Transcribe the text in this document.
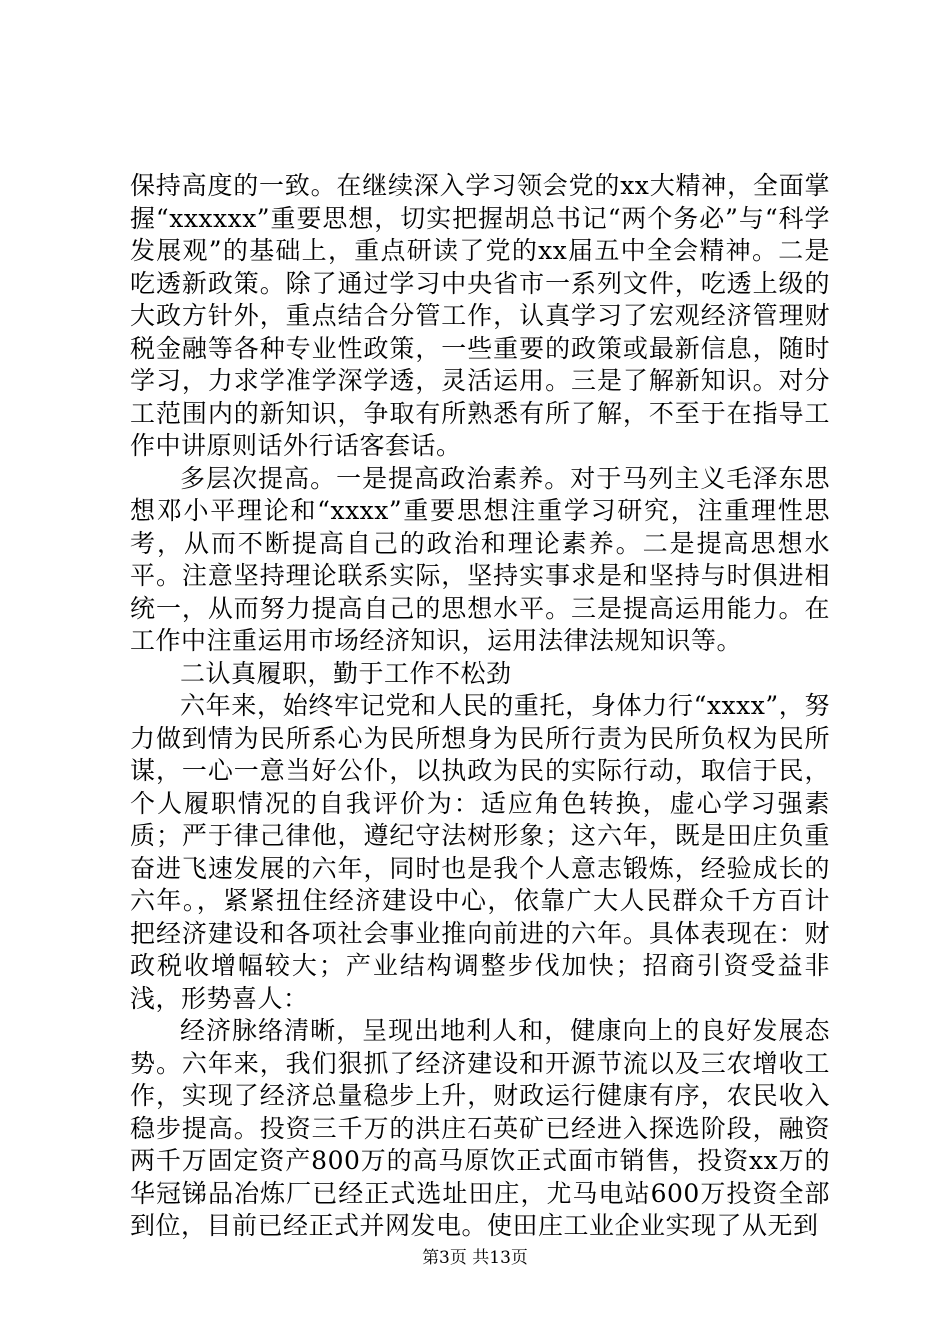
保持高度的一致。在继续深入学习领会党的xx大精神，全面掌握“xxxxxx”重要思想，切实把握胡总书记“两个务必”与“科学发展观”的基础上，重点研读了党的xx届五中全会精神。二是吃透新政策。除了通过学习中央省市一系列文件，吃透上级的大政方针外，重点结合分管工作，认真学习了宏观经济管理财税金融等各种专业性政策，一些重要的政策或最新信息，随时学习，力求学准学深学透，灵活运用。三是了解新知识。对分工范围内的新知识，争取有所熟悉有所了解，不至于在指导工作中讲原则话外行话客套话。

多层次提高。一是提高政治素养。对于马列主义毛泽东思想邓小平理论和“xxxx”重要思想注重学习研究，注重理性思考，从而不断提高自己的政治和理论素养。二是提高思想水平。注意坚持理论联系实际，坚持实事求是和坚持与时俱进相统一，从而努力提高自己的思想水平。三是提高运用能力。在工作中注重运用市场经济知识，运用法律法规知识等。

二认真履职，勤于工作不松劲

六年来，始终牢记党和人民的重托，身体力行“xxxx”，努力做到情为民所系心为民所想身为民所行责为民所负权为民所谋，一心一意当好公仆，以执政为民的实际行动，取信于民，个人履职情况的自我评价为：适应角色转换，虚心学习强素质；严于律己律他，遵纪守法树形象；这六年，既是田庄负重奋进飞速发展的六年，同时也是我个人意志锻炼，经验成长的六年。，紧紧扭住经济建设中心，依靠广大人民群众千方百计把经济建设和各项社会事业推向前进的六年。具体表现在：财政税收增幅较大；产业结构调整步伐加快；招商引资受益非浅，形势喜人：

经济脉络清晰，呈现出地利人和，健康向上的良好发展态势。六年来，我们狠抓了经济建设和开源节流以及三农增收工作，实现了经济总量稳步上升，财政运行健康有序，农民收入稳步提高。投资三千万的洪庄石英矿已经进入探选阶段，融资两千万固定资产800万的高马原饮正式面市销售，投资xx万的华冠锑品冶炼厂已经正式选址田庄，尤马电站600万投资全部到位，目前已经正式并网发电。使田庄工业企业实现了从无到

第3页 共13页
